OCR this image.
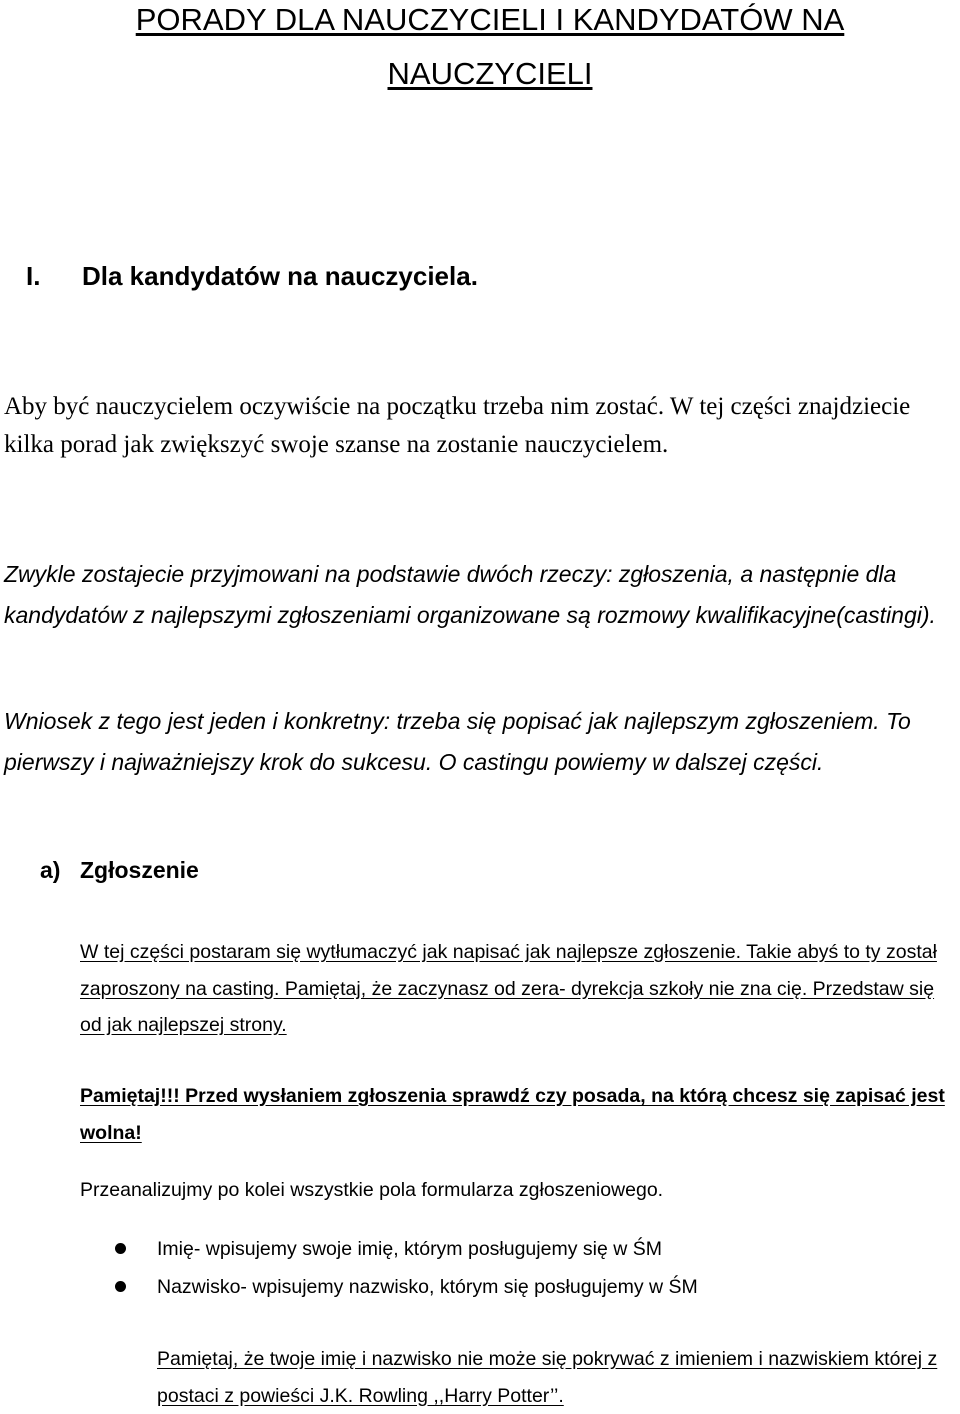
PORADY DLA NAUCZYCIELI I KANDYDATÓW NA
NAUCZYCIELI
I. Dla kandydatów na nauczyciela.
Aby być nauczycielem oczywiście na początku trzeba nim zostać. W tej części znajdziecie kilka porad jak zwiększyć swoje szanse na zostanie nauczycielem.
Zwykle zostajecie przyjmowani na podstawie dwóch rzeczy: zgłoszenia, a następnie dla kandydatów z najlepszymi zgłoszeniami organizowane są rozmowy kwalifikacyjne(castingi).
Wniosek z tego jest jeden i konkretny: trzeba się popisać jak najlepszym zgłoszeniem. To pierwszy i najważniejszy krok do sukcesu. O castingu powiemy w dalszej części.
a) Zgłoszenie
W tej części postaram się wytłumaczyć jak napisać jak najlepsze zgłoszenie. Takie abyś to ty został zaproszony na casting. Pamiętaj, że zaczynasz od zera- dyrekcja szkoły nie zna cię. Przedstaw się od jak najlepszej strony.
Pamiętaj!!! Przed wysłaniem zgłoszenia sprawdź czy posada, na którą chcesz się zapisać jest wolna!
Przeanalizujmy po kolei wszystkie pola formularza zgłoszeniowego.
Imię- wpisujemy swoje imię, którym posługujemy się w ŚM
Nazwisko- wpisujemy nazwisko, którym się posługujemy w ŚM
Pamiętaj, że twoje imię i nazwisko nie może się pokrywać z imieniem i nazwiskiem której z postaci z powieści J.K. Rowling ,,Harry Potter’’.
